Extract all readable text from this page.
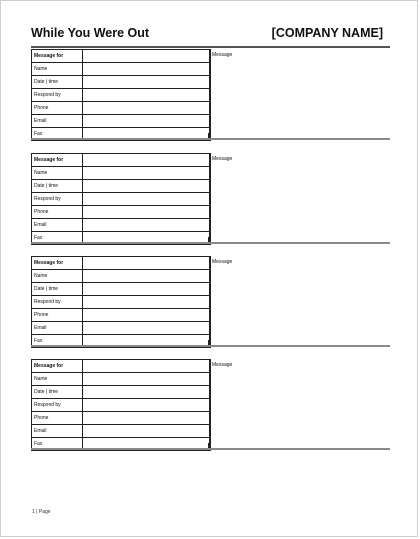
While You Were Out	[COMPANY NAME]
Message for
Name
Date | time
Respond by
Phone
Email
Fax
Message
Message for
Name
Date | time
Respond by
Phone
Email
Fax
Message
Message for
Name
Date | time
Respond by
Phone
Email
Fax
Message
Message for
Name
Date | time
Respond by
Phone
Email
Fax
Message
1 | Page
